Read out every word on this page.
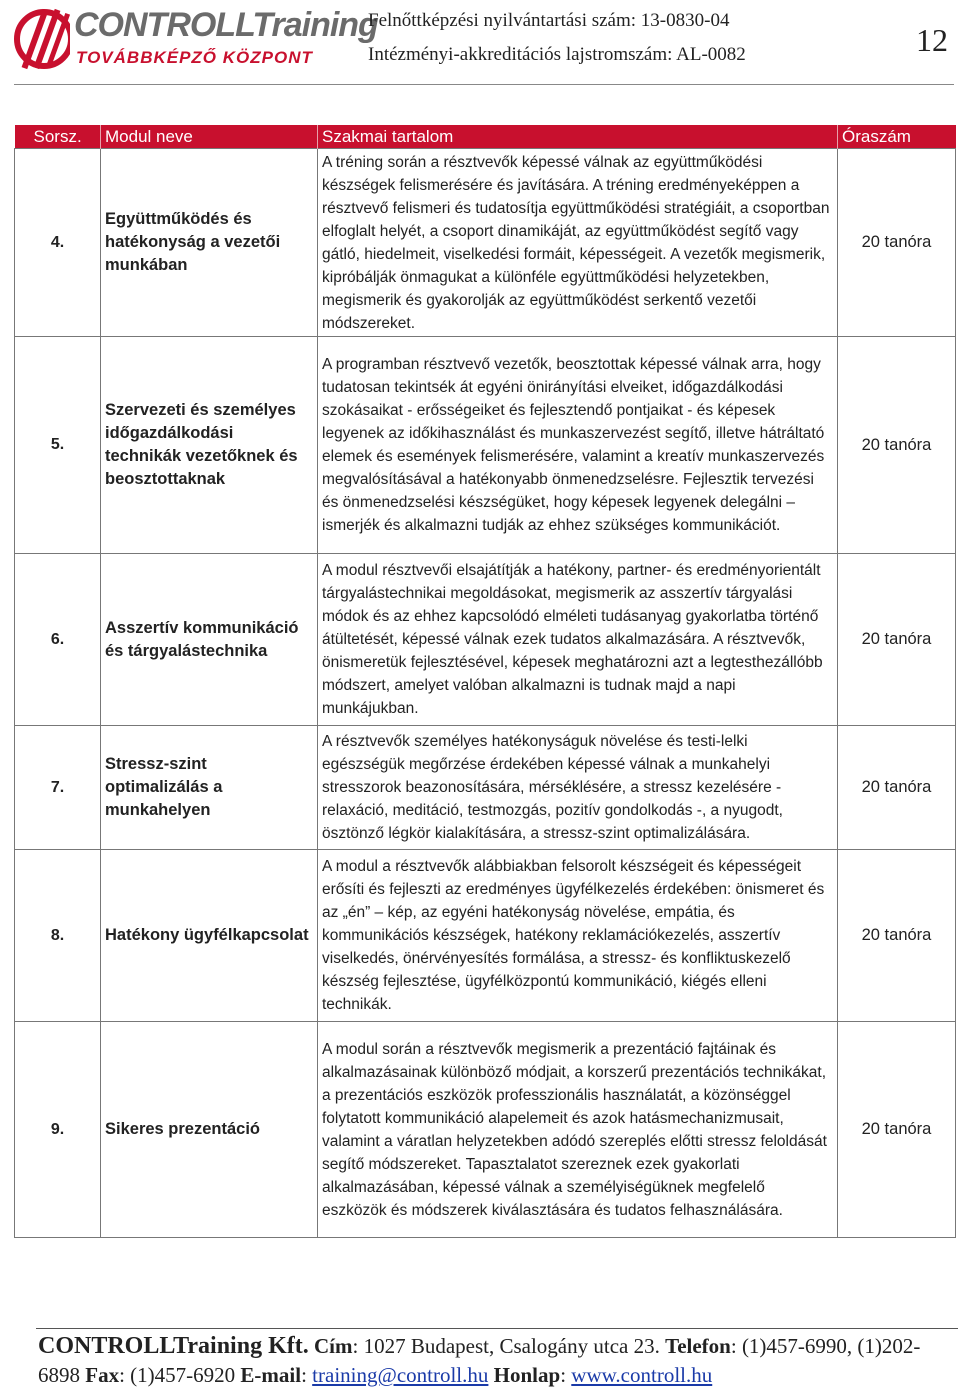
CONTROLLTraining
TOVÁBBKÉPZŐ KÖZPONT
Felnőttképzési nyilvántartási szám: 13-0830-04
Intézményi-akkreditációs lajstromszám: AL-0082	12
Sorsz.	Modul neve	Szakmai tartalom	Óraszám
4.	Együttműködés és hatékonyság a vezetői munkában	A tréning során a résztvevők képessé válnak az együttműködési készségek felismerésére és javítására. A tréning eredményeképpen a résztvevő felismeri és tudatosítja együttműködési stratégiáit, a csoportban elfoglalt helyét, a csoport dinamikáját, az együttműködést segítő vagy gátló, hiedelmeit, viselkedési formáit, képességeit. A vezetők megismerik, kipróbálják önmagukat a különféle együttműködési helyzetekben, megismerik és gyakorolják az együttműködést serkentő vezetői módszereket.	20 tanóra
5.	Szervezeti és személyes időgazdálkodási technikák vezetőknek és beosztottaknak	A programban résztvevő vezetők, beosztottak képessé válnak arra, hogy tudatosan tekintsék át egyéni önirányítási elveiket, időgazdálkodási szokásaikat - erősségeiket és fejlesztendő pontjaikat - és képesek legyenek az időkihasználást és munkaszervezést segítő, illetve hátráltató elemek és események felismerésére, valamint a kreatív munkaszervezés megvalósításával a hatékonyabb önmenedzselésre. Fejlesztik tervezési és önmenedzselési készségüket, hogy képesek legyenek delegálni – ismerjék és alkalmazni tudják az ehhez szükséges kommunikációt.	20 tanóra
6.	Asszertív kommunikáció és tárgyalástechnika	A modul résztvevői elsajátítják a hatékony, partner- és eredményorientált tárgyalástechnikai megoldásokat, megismerik az asszertív tárgyalási módok és az ehhez kapcsolódó elméleti tudásanyag gyakorlatba történő átültetését, képessé válnak ezek tudatos alkalmazására. A résztvevők, önismeretük fejlesztésével, képesek meghatározni azt a legtesthezállóbb módszert, amelyet valóban alkalmazni is tudnak majd a napi munkájukban.	20 tanóra
7.	Stressz-szint optimalizálás a munkahelyen	A résztvevők személyes hatékonyságuk növelése és testi-lelki egészségük megőrzése érdekében képessé válnak a munkahelyi stresszorok beazonosítására, mérséklésére, a stressz kezelésére - relaxáció, meditáció, testmozgás, pozitív gondolkodás -, a nyugodt, ösztönző légkör kialakítására, a stressz-szint optimalizálására.	20 tanóra
8.	Hatékony ügyfélkapcsolat	A modul a résztvevők alábbiakban felsorolt készségeit és képességeit erősíti és fejleszti az eredményes ügyfélkezelés érdekében: önismeret és az „én” – kép, az egyéni hatékonyság növelése, empátia, és kommunikációs készségek, hatékony reklamációkezelés, asszertív viselkedés, önérvényesítés formálása, a stressz- és konfliktuskezelő készség fejlesztése, ügyfélközpontú kommunikáció, kiégés elleni technikák.	20 tanóra
9.	Sikeres prezentáció	A modul során a résztvevők megismerik a prezentáció fajtáinak és alkalmazásainak különböző módjait, a korszerű prezentációs technikákat, a prezentációs eszközök professzionális használatát, a közönséggel folytatott kommunikáció alapelemeit és azok hatásmechanizmusait, valamint a váratlan helyzetekben adódó szereplés előtti stressz feloldását segítő módszereket. Tapasztalatot szereznek ezek gyakorlati alkalmazásában, képessé válnak a személyiségüknek megfelelő eszközök és módszerek kiválasztására és tudatos felhasználására.	20 tanóra
CONTROLLTraining Kft. Cím: 1027 Budapest, Csalogány utca 23. Telefon: (1)457-6990, (1)202-6898 Fax: (1)457-6920 E-mail: training@controll.hu Honlap: www.controll.hu
